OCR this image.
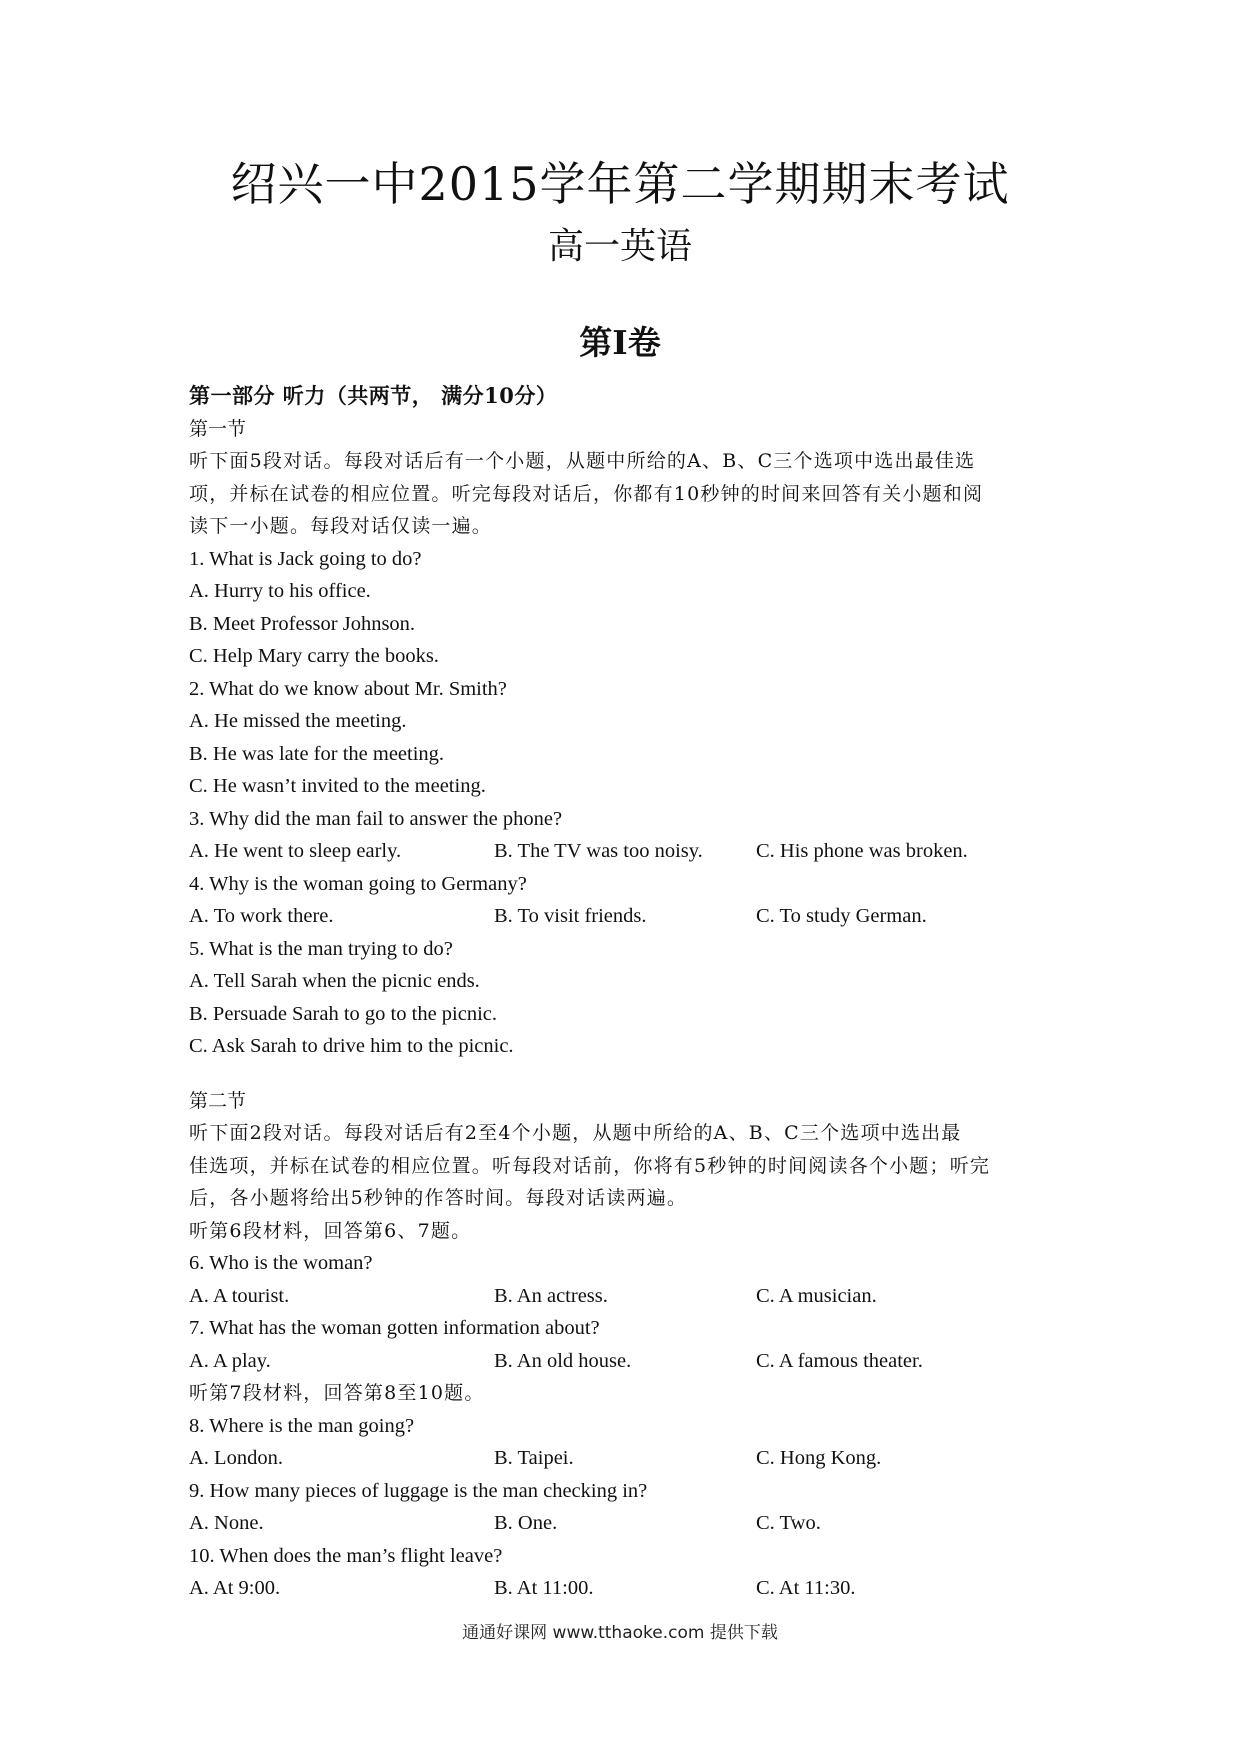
绍兴一中2015学年第二学期期末考试
高一英语
第I卷
第一部分 听力（共两节， 满分10分）
第一节
听下面5段对话。每段对话后有一个小题，从题中所给的A、B、C三个选项中选出最佳选
项，并标在试卷的相应位置。听完每段对话后，你都有10秒钟的时间来回答有关小题和阅
读下一小题。每段对话仅读一遍。
1. What is Jack going to do?
A. Hurry to his office.
B. Meet Professor Johnson.
C. Help Mary carry the books.
2. What do we know about Mr. Smith?
A. He missed the meeting.
B. He was late for the meeting.
C. He wasn’t invited to the meeting.
3. Why did the man fail to answer the phone?
A. He went to sleep early.	B. The TV was too noisy.	C. His phone was broken.
4. Why is the woman going to Germany?
A. To work there.	B. To visit friends.	C. To study German.
5. What is the man trying to do?
A. Tell Sarah when the picnic ends.
B. Persuade Sarah to go to the picnic.
C. Ask Sarah to drive him to the picnic.
第二节
听下面2段对话。每段对话后有2至4个小题，从题中所给的A、B、C三个选项中选出最
佳选项，并标在试卷的相应位置。听每段对话前，你将有5秒钟的时间阅读各个小题；听完
后，各小题将给出5秒钟的作答时间。每段对话读两遍。
听第6段材料，回答第6、7题。
6. Who is the woman?
A. A tourist.	B. An actress.	C. A musician.
7. What has the woman gotten information about?
A. A play.	B. An old house.	C. A famous theater.
听第7段材料，回答第8至10题。
8. Where is the man going?
A. London.	B. Taipei.	C. Hong Kong.
9. How many pieces of luggage is the man checking in?
A. None.	B. One.	C. Two.
10. When does the man’s flight leave?
A. At 9:00.	B. At 11:00.	C. At 11:30.
通通好课网 www.tthaoke.com 提供下载
